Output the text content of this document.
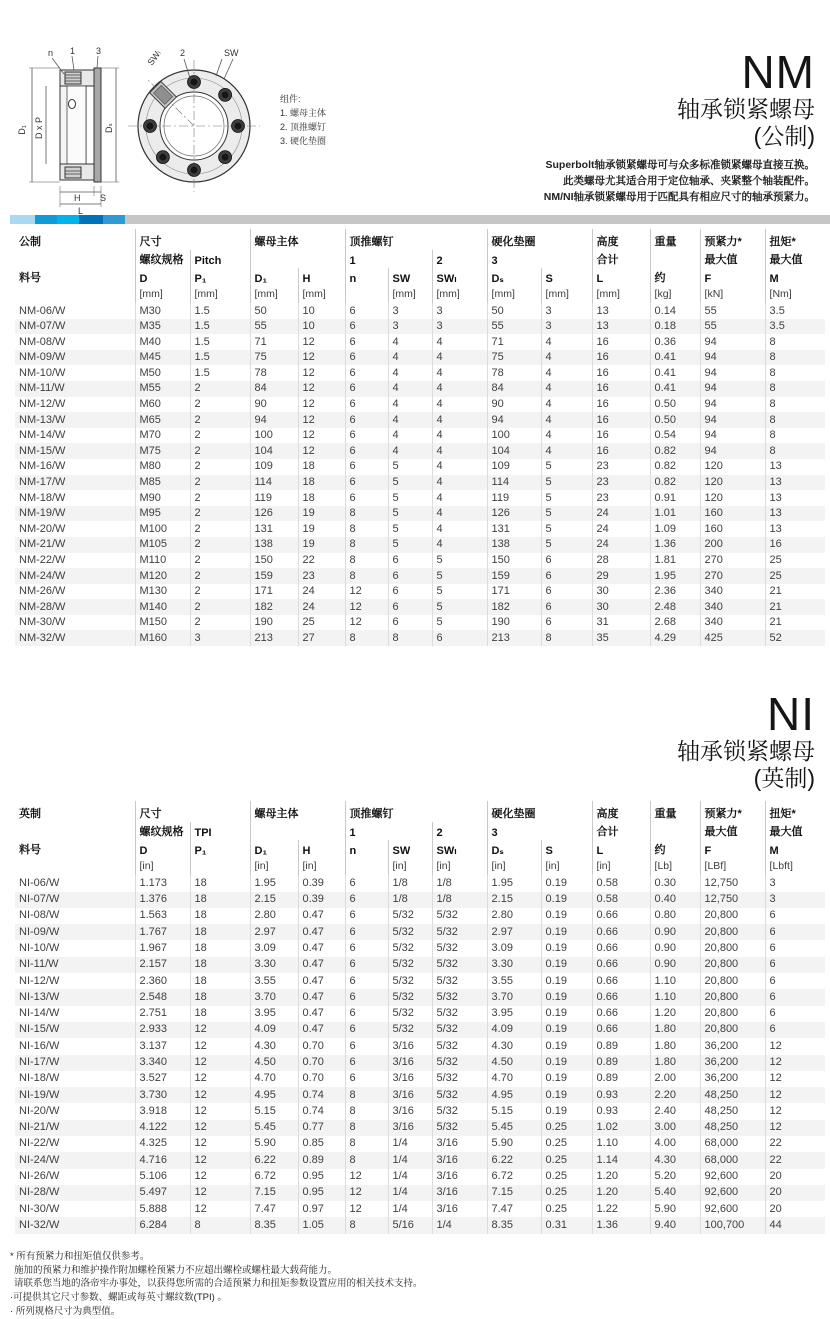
n 1 3
D₁ D x P	Dₛ
H S
L
SWₗ 2	SW
组件:
1. 螺母主体
2. 顶推螺钉
3. 硬化垫圈
NM
轴承锁紧螺母
(公制)
Superbolt轴承锁紧螺母可与众多标准锁紧螺母直接互换。
此类螺母尤其适合用于定位轴承、夹紧整个轴装配件。
NM/NI轴承锁紧螺母用于匹配具有相应尺寸的轴承预紧力。
公制	尺寸		螺母主体		顶推螺钉			硬化垫圈		高度	重量	预紧力*	扭矩*
	螺纹规格	Pitch			1		2	3		合计		最大值	最大值
料号	D	P₁	D₁	H	n	SW	SWₗ	Dₛ	S	L	约	F	M
	[mm]	[mm]	[mm]	[mm]		[mm]	[mm]	[mm]	[mm]	[mm]	[kg]	[kN]	[Nm]
NM-06/W	M30	1.5	50	10	6	3	3	50	3	13	0.14	55	3.5
NM-07/W	M35	1.5	55	10	6	3	3	55	3	13	0.18	55	3.5
NM-08/W	M40	1.5	71	12	6	4	4	71	4	16	0.36	94	8
NM-09/W	M45	1.5	75	12	6	4	4	75	4	16	0.41	94	8
NM-10/W	M50	1.5	78	12	6	4	4	78	4	16	0.41	94	8
NM-11/W	M55	2	84	12	6	4	4	84	4	16	0.41	94	8
NM-12/W	M60	2	90	12	6	4	4	90	4	16	0.50	94	8
NM-13/W	M65	2	94	12	6	4	4	94	4	16	0.50	94	8
NM-14/W	M70	2	100	12	6	4	4	100	4	16	0.54	94	8
NM-15/W	M75	2	104	12	6	4	4	104	4	16	0.82	94	8
NM-16/W	M80	2	109	18	6	5	4	109	5	23	0.82	120	13
NM-17/W	M85	2	114	18	6	5	4	114	5	23	0.82	120	13
NM-18/W	M90	2	119	18	6	5	4	119	5	23	0.91	120	13
NM-19/W	M95	2	126	19	8	5	4	126	5	24	1.01	160	13
NM-20/W	M100	2	131	19	8	5	4	131	5	24	1.09	160	13
NM-21/W	M105	2	138	19	8	5	4	138	5	24	1.36	200	16
NM-22/W	M110	2	150	22	8	6	5	150	6	28	1.81	270	25
NM-24/W	M120	2	159	23	8	6	5	159	6	29	1.95	270	25
NM-26/W	M130	2	171	24	12	6	5	171	6	30	2.36	340	21
NM-28/W	M140	2	182	24	12	6	5	182	6	30	2.48	340	21
NM-30/W	M150	2	190	25	12	6	5	190	6	31	2.68	340	21
NM-32/W	M160	3	213	27	8	8	6	213	8	35	4.29	425	52
NI
轴承锁紧螺母
(英制)
英制	尺寸		螺母主体		顶推螺钉			硬化垫圈		高度	重量	预紧力*	扭矩*
	螺纹规格	TPI			1		2	3		合计		最大值	最大值
料号	D	P₁	D₁	H	n	SW	SWₗ	Dₛ	S	L	约	F	M
	[in]		[in]	[in]		[in]	[in]	[in]	[in]	[in]	[Lb]	[LBf]	[Lbft]
NI-06/W	1.173	18	1.95	0.39	6	1/8	1/8	1.95	0.19	0.58	0.30	12,750	3
NI-07/W	1.376	18	2.15	0.39	6	1/8	1/8	2.15	0.19	0.58	0.40	12,750	3
NI-08/W	1.563	18	2.80	0.47	6	5/32	5/32	2.80	0.19	0.66	0.80	20,800	6
NI-09/W	1.767	18	2.97	0.47	6	5/32	5/32	2.97	0.19	0.66	0.90	20,800	6
NI-10/W	1.967	18	3.09	0.47	6	5/32	5/32	3.09	0.19	0.66	0.90	20,800	6
NI-11/W	2.157	18	3.30	0.47	6	5/32	5/32	3.30	0.19	0.66	0.90	20,800	6
NI-12/W	2.360	18	3.55	0.47	6	5/32	5/32	3.55	0.19	0.66	1.10	20,800	6
NI-13/W	2.548	18	3.70	0.47	6	5/32	5/32	3.70	0.19	0.66	1.10	20,800	6
NI-14/W	2.751	18	3.95	0.47	6	5/32	5/32	3.95	0.19	0.66	1.20	20,800	6
NI-15/W	2.933	12	4.09	0.47	6	5/32	5/32	4.09	0.19	0.66	1.80	20,800	6
NI-16/W	3.137	12	4.30	0.70	6	3/16	5/32	4.30	0.19	0.89	1.80	36,200	12
NI-17/W	3.340	12	4.50	0.70	6	3/16	5/32	4.50	0.19	0.89	1.80	36,200	12
NI-18/W	3.527	12	4.70	0.70	6	3/16	5/32	4.70	0.19	0.89	2.00	36,200	12
NI-19/W	3.730	12	4.95	0.74	8	3/16	5/32	4.95	0.19	0.93	2.20	48,250	12
NI-20/W	3.918	12	5.15	0.74	8	3/16	5/32	5.15	0.19	0.93	2.40	48,250	12
NI-21/W	4.122	12	5.45	0.77	8	3/16	5/32	5.45	0.25	1.02	3.00	48,250	12
NI-22/W	4.325	12	5.90	0.85	8	1/4	3/16	5.90	0.25	1.10	4.00	68,000	22
NI-24/W	4.716	12	6.22	0.89	8	1/4	3/16	6.22	0.25	1.14	4.30	68,000	22
NI-26/W	5.106	12	6.72	0.95	12	1/4	3/16	6.72	0.25	1.20	5.20	92,600	20
NI-28/W	5.497	12	7.15	0.95	12	1/4	3/16	7.15	0.25	1.20	5.40	92,600	20
NI-30/W	5.888	12	7.47	0.97	12	1/4	3/16	7.47	0.25	1.22	5.90	92,600	20
NI-32/W	6.284	8	8.35	1.05	8	5/16	1/4	8.35	0.31	1.36	9.40	100,700	44
* 所有预紧力和扭矩值仅供参考。
施加的预紧力和维护操作附加螺栓预紧力不应超出螺栓或螺柱最大载荷能力。
请联系您当地的洛帝牢办事处，以获得您所需的合适预紧力和扭矩参数设置应用的相关技术支持。
·可提供其它尺寸参数、螺距或每英寸螺纹数(TPI) 。
· 所列规格尺寸为典型值。
